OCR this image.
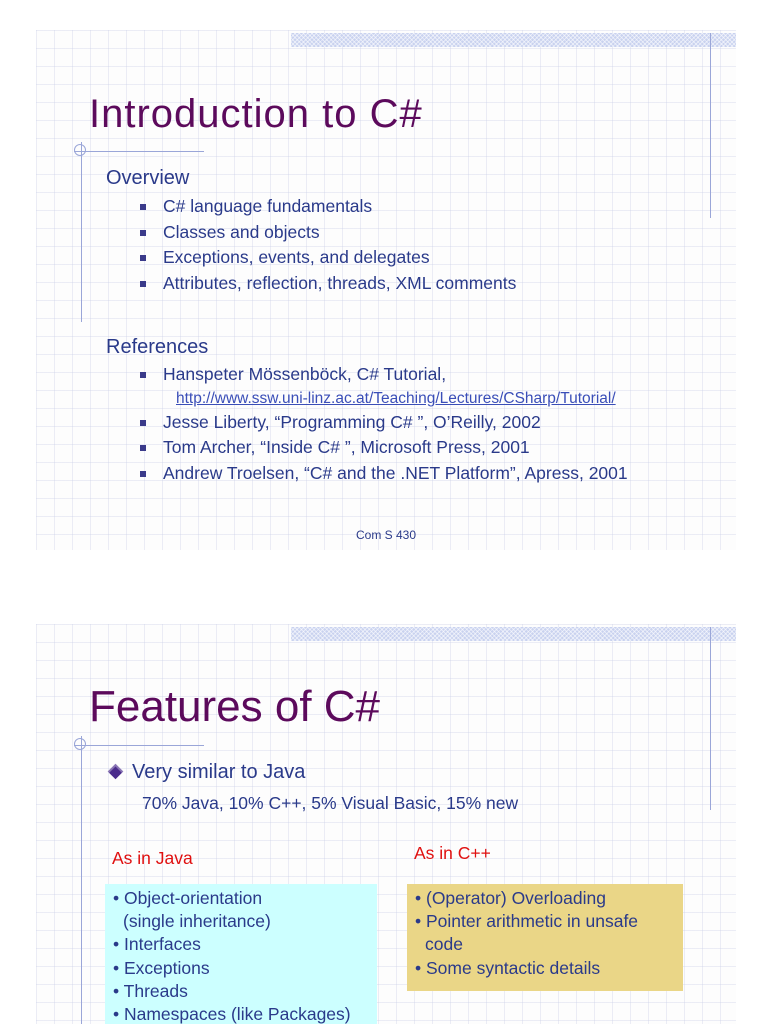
Introduction to C#
Overview
C# language fundamentals
Classes and objects
Exceptions, events, and delegates
Attributes, reflection, threads, XML comments
References
Hanspeter Mössenböck, C# Tutorial,
http://www.ssw.uni-linz.ac.at/Teaching/Lectures/CSharp/Tutorial/
Jesse Liberty, “Programming C# ”, O’Reilly, 2002
Tom Archer, “Inside C# ”, Microsoft Press, 2001
Andrew Troelsen, “C# and the .NET Platform”, Apress, 2001
Com S 430
Features of C#
Very similar to Java
70% Java, 10% C++, 5% Visual Basic, 15% new
As in Java	As in C++
• Object-orientation
(single inheritance)
• Interfaces
• Exceptions
• Threads
• Namespaces (like Packages)
• (Operator) Overloading
• Pointer arithmetic in unsafe
code
• Some syntactic details
